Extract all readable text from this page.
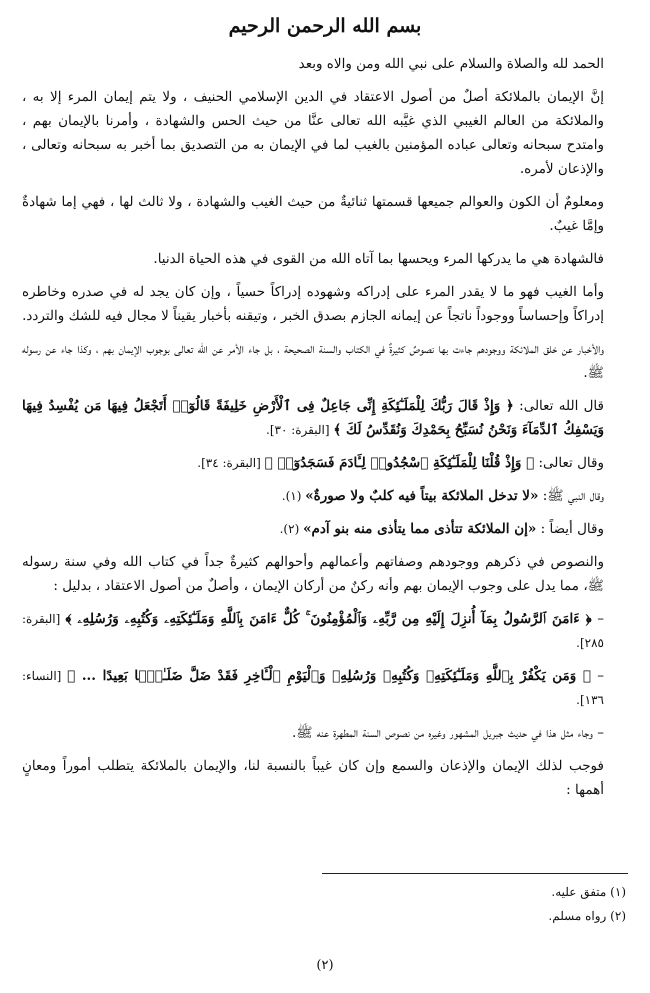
بسم الله الرحمن الرحيم

الحمد لله والصلاة والسلام على نبي الله ومن والاه وبعد

إنَّ الإيمان بالملائكة أصلٌ من أصول الاعتقاد في الدين الإسلامي الحنيف ، ولا يتم إيمان المرء إلا به ، والملائكة من العالم الغيبي الذي غيَّبه الله تعالى عنَّا من حيث الحس والشهادة ، وأمرنا بالإيمان بهم ، وامتدح سبحانه وتعالى عباده المؤمنين بالغيب لما في الإيمان به من التصديق بما أخبر به سبحانه وتعالى ، والإذعان لأمره.

ومعلومٌ أن الكون والعوالم جميعها قسمتها ثنائيةٌ من حيث الغيب والشهادة ، ولا ثالث لها ، فهي إما شهادةٌ وإمَّا غيبٌ.

فالشهادة هي ما يدركها المرء ويحسها بما آتاه الله من القوى في هذه الحياة الدنيا.

وأما الغيب فهو ما لا يقدر المرء على إدراكه وشهوده إدراكاً حسياً ، وإن كان يجد له في صدره وخاطره إدراكاً وإحساساً ووجوداً ناتجاً عن إيمانه الجازم بصدق الخبر ، وتيقنه بأخبار يقيناً لا مجال فيه للشك والتردد.

والأخبار عن خلق الملائكة ووجودهم جاءت بها نصوصٌ كثيرةٌ في الكتاب والسنة الصحيحة ، بل جاء الأمر عن الله تعالى بوجوب الإيمان بهم ، وكذا جاء عن رسوله ﷺ.

قال الله تعالى: ﴿ وَإِذْ قَالَ رَبُّكَ لِلْمَلَـٰٓئِكَةِ إِنِّى جَاعِلٌ فِى ٱلْأَرْضِ خَلِيفَةً قَالُوٓا۟ أَتَجْعَلُ فِيهَا مَن يُفْسِدُ فِيهَا وَيَسْفِكُ ٱلدِّمَآءَ وَنَحْنُ نُسَبِّحُ بِحَمْدِكَ وَنُقَدِّسُ لَكَ ﴾ [البقرة: ٣٠].

وقال تعالى: ﴿ وَإِذْ قُلْنَا لِلْمَلَـٰٓئِكَةِ ٱسْجُدُوا۟ لِـَٔادَمَ فَسَجَدُوٓا۟ ﴾ [البقرة: ٣٤].

وقال النبي ﷺ: «لا تدخل الملائكة بيتاً فيه كلبٌ ولا صورةٌ» (١).

وقال أيضاً : «إن الملائكة تتأذى مما يتأذى منه بنو آدم» (٢).

والنصوص في ذكرهم ووجودهم وصفاتهم وأعمالهم وأحوالهم كثيرةٌ جداً في كتاب الله وفي سنة رسوله ﷺ، مما يدل على وجوب الإيمان بهم وأنه ركنٌ من أركان الإيمان ، وأصلٌ من أصول الاعتقاد ، بدليل :

– ﴿ ءَامَنَ ٱلرَّسُولُ بِمَآ أُنزِلَ إِلَيْهِ مِن رَّبِّهِۦ وَٱلْمُؤْمِنُونَ ۚ كُلٌّ ءَامَنَ بِٱللَّهِ وَمَلَـٰٓئِكَتِهِۦ وَكُتُبِهِۦ وَرُسُلِهِۦ ﴾ [البقرة: ٢٨٥].

– ﴿ وَمَن يَكْفُرْ بِٱللَّهِ وَمَلَـٰٓئِكَتِهِۦ وَكُتُبِهِۦ وَرُسُلِهِۦ وَٱلْيَوْمِ ٱلْـَٔاخِرِ فَقَدْ ضَلَّ ضَلَـٰلًۢا بَعِيدًا ... ﴾ [النساء: ١٣٦].

– وجاء مثل هذا في حديث جبريل المشهور وغيره من نصوص السنة المطهرة عنه ﷺ.

فوجب لذلك الإيمان والإذعان والسمع وإن كان غيباً بالنسبة لنا، والإيمان بالملائكة يتطلب أموراً ومعانٍ أهمها :

(١) متفق عليه.
(٢) رواه مسلم.
(٢)
